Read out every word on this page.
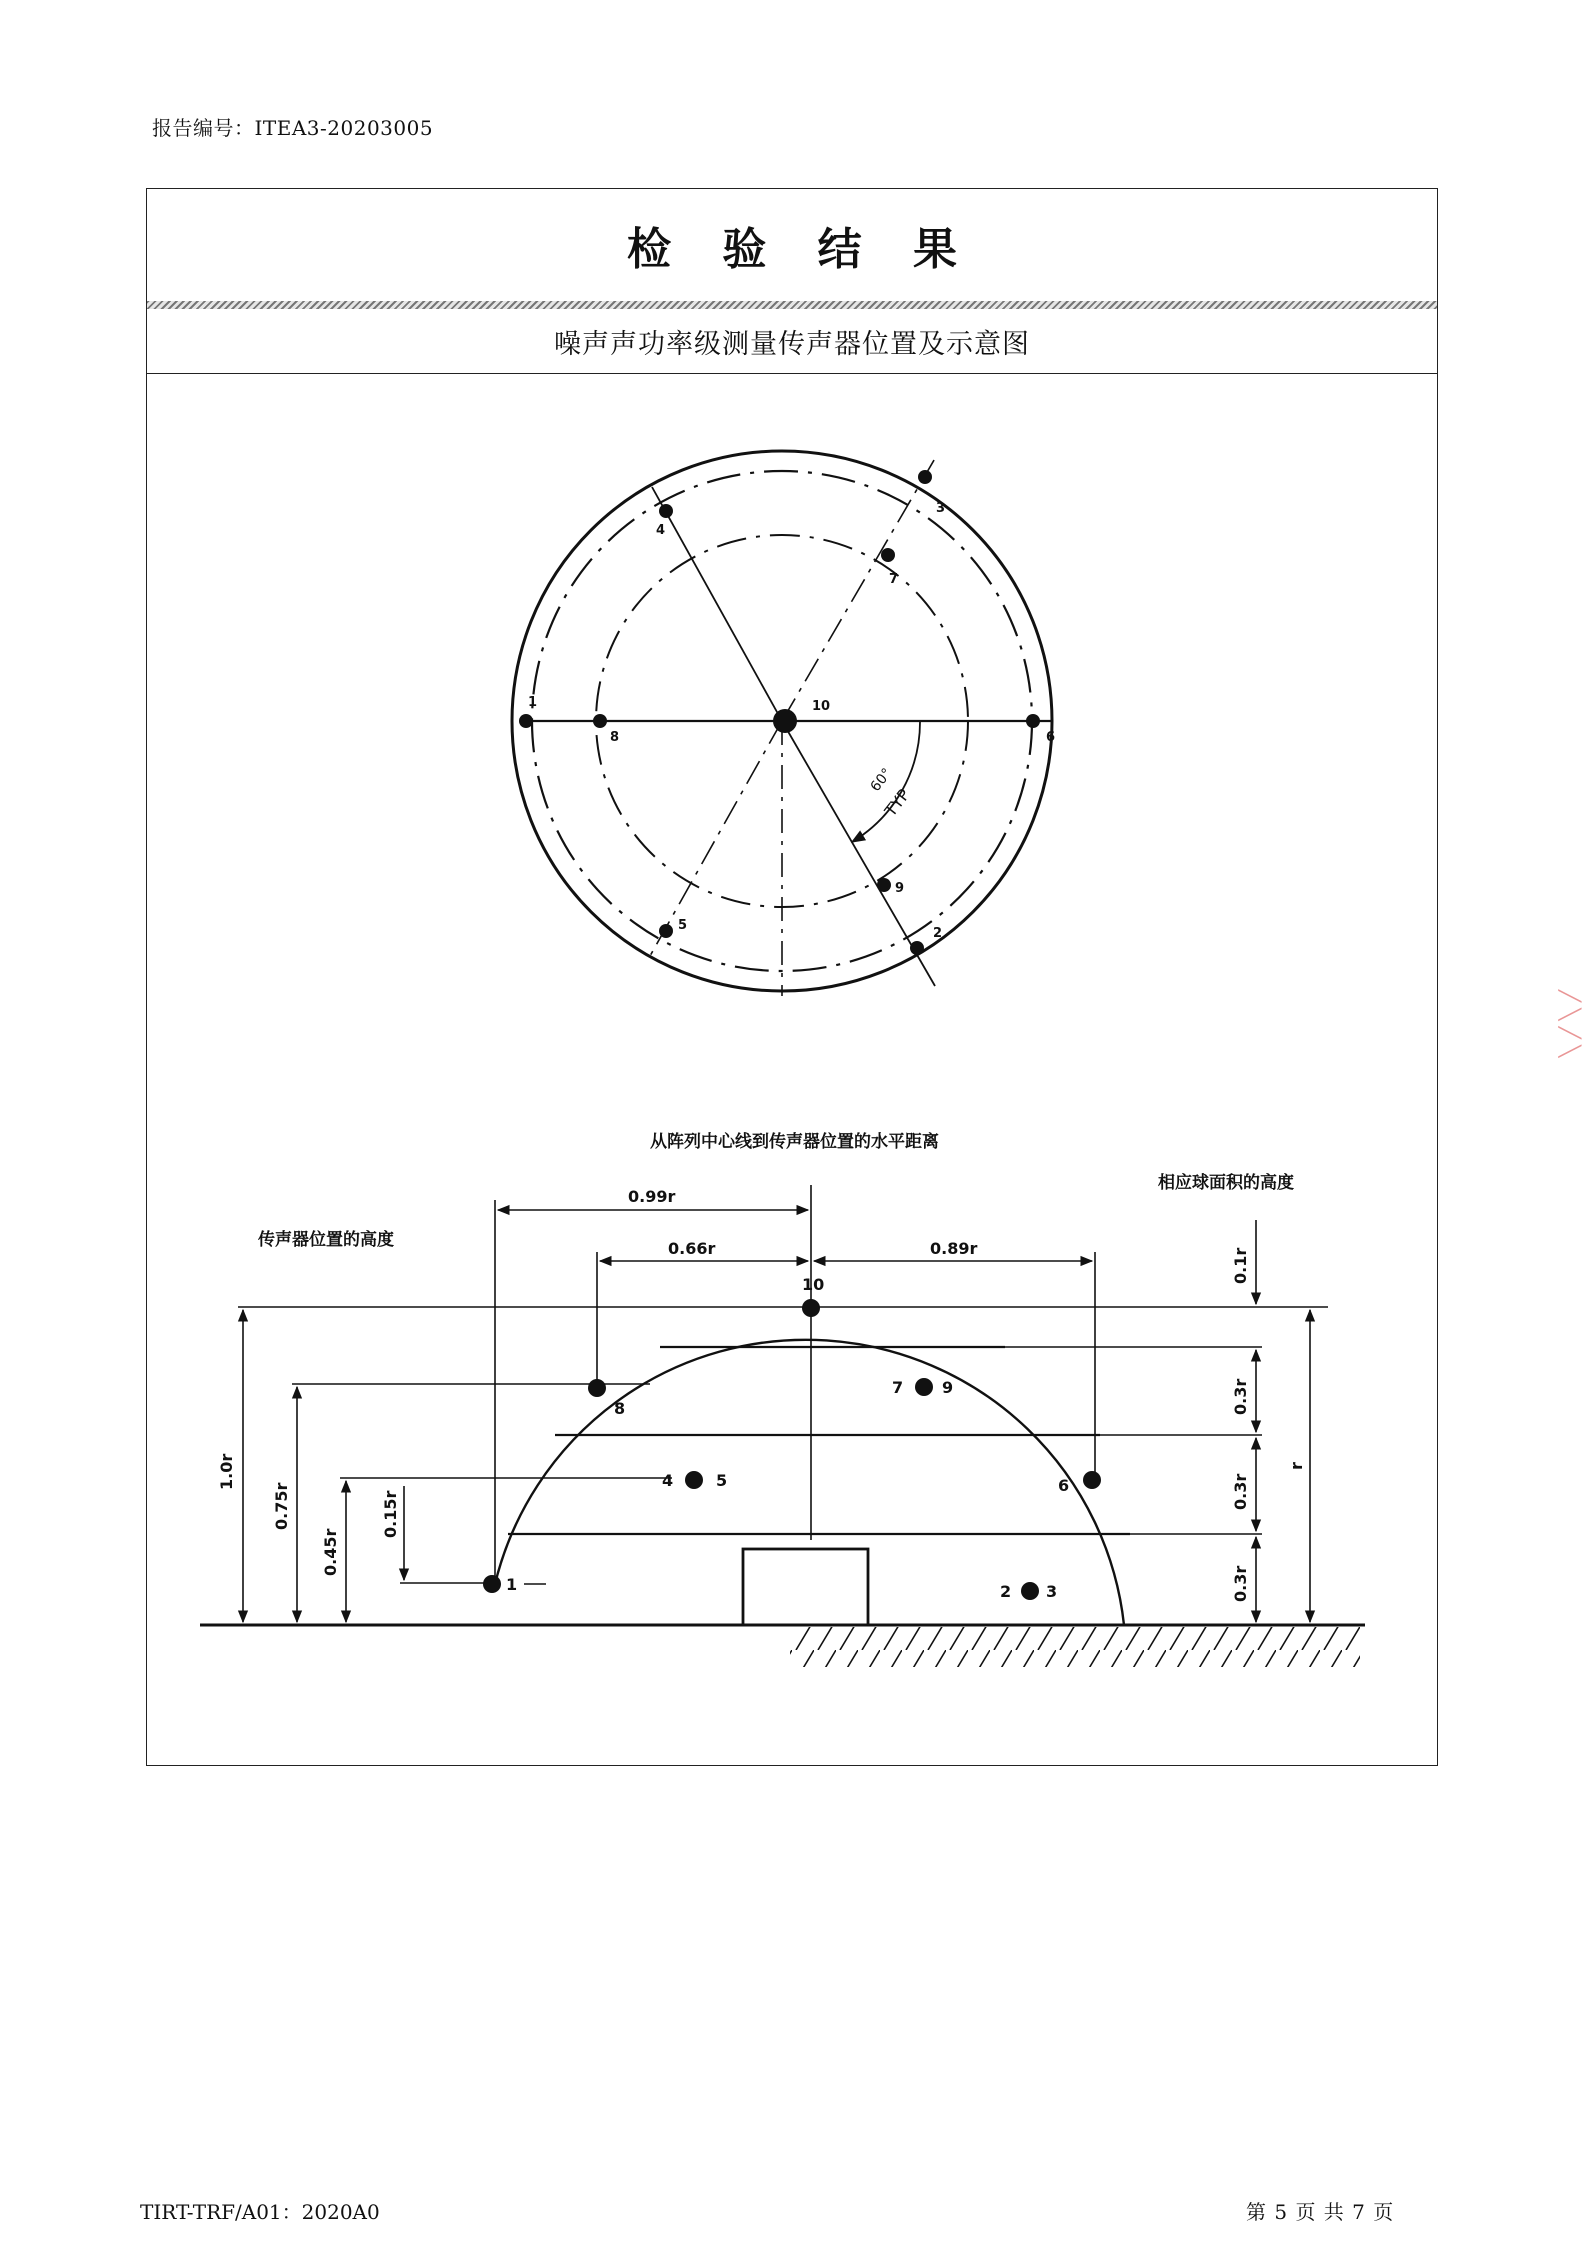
报告编号：ITEA3-20203005
检 验 结 果
噪声声功率级测量传声器位置及示意图
1
2
3
4
5
6
7
8
9
10
60°
TYP
从阵列中心线到传声器位置的水平距离
相应球面积的高度
传声器位置的高度
0.99r
0.66r	0.89r
10
8
6
1
4	5
7 9
2 3
1.0r
0.75r
0.45r
0.15r
0.1r
0.3r
0.3r
0.3r
r
╱ ╲ ╱ ╲
TIRT-TRF/A01：2020A0	第 5 页 共 7 页
